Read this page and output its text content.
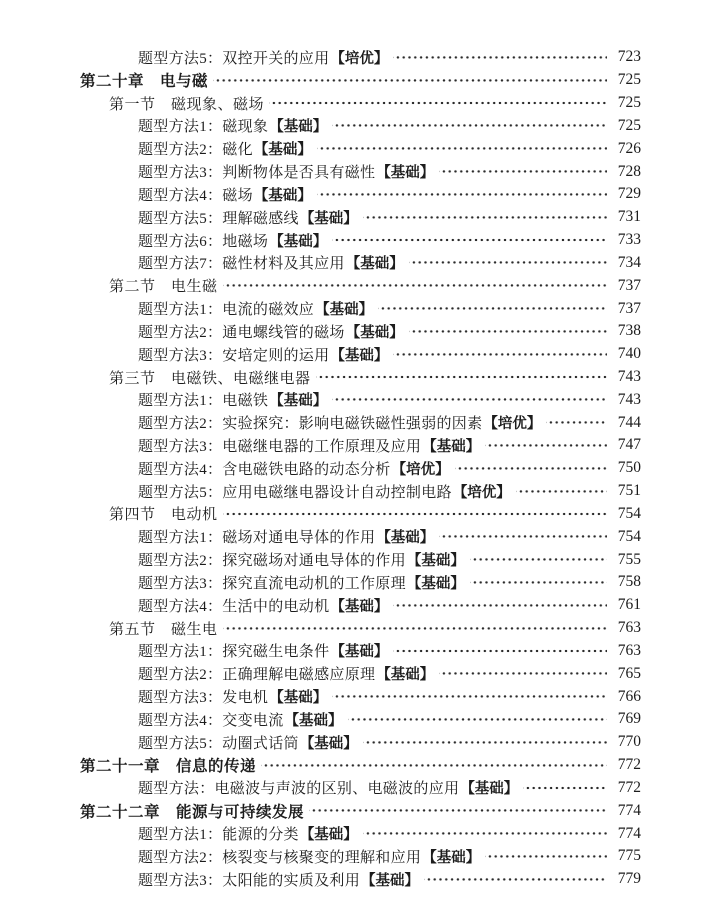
题型方法5：双控开关的应用 【培优】	723
第二十章　电与磁	725
第一节　磁现象、磁场	725
题型方法1：磁现象 【基础】	725
题型方法2：磁化 【基础】	726
题型方法3：判断物体是否具有磁性 【基础】	728
题型方法4：磁场 【基础】	729
题型方法5：理解磁感线 【基础】	731
题型方法6：地磁场 【基础】	733
题型方法7：磁性材料及其应用 【基础】	734
第二节　电生磁	737
题型方法1：电流的磁效应 【基础】	737
题型方法2：通电螺线管的磁场 【基础】	738
题型方法3：安培定则的运用 【基础】	740
第三节　电磁铁、电磁继电器	743
题型方法1：电磁铁 【基础】	743
题型方法2：实验探究：影响电磁铁磁性强弱的因素 【培优】	744
题型方法3：电磁继电器的工作原理及应用 【基础】	747
题型方法4：含电磁铁电路的动态分析 【培优】	750
题型方法5：应用电磁继电器设计自动控制电路 【培优】	751
第四节　电动机	754
题型方法1：磁场对通电导体的作用 【基础】	754
题型方法2：探究磁场对通电导体的作用 【基础】	755
题型方法3：探究直流电动机的工作原理 【基础】	758
题型方法4：生活中的电动机 【基础】	761
第五节　磁生电	763
题型方法1：探究磁生电条件 【基础】	763
题型方法2：正确理解电磁感应原理 【基础】	765
题型方法3：发电机 【基础】	766
题型方法4：交变电流 【基础】	769
题型方法5：动圈式话筒 【基础】	770
第二十一章　信息的传递	772
题型方法：电磁波与声波的区别、电磁波的应用 【基础】	772
第二十二章　能源与可持续发展	774
题型方法1：能源的分类 【基础】	774
题型方法2：核裂变与核聚变的理解和应用 【基础】	775
题型方法3：太阳能的实质及利用 【基础】	779
